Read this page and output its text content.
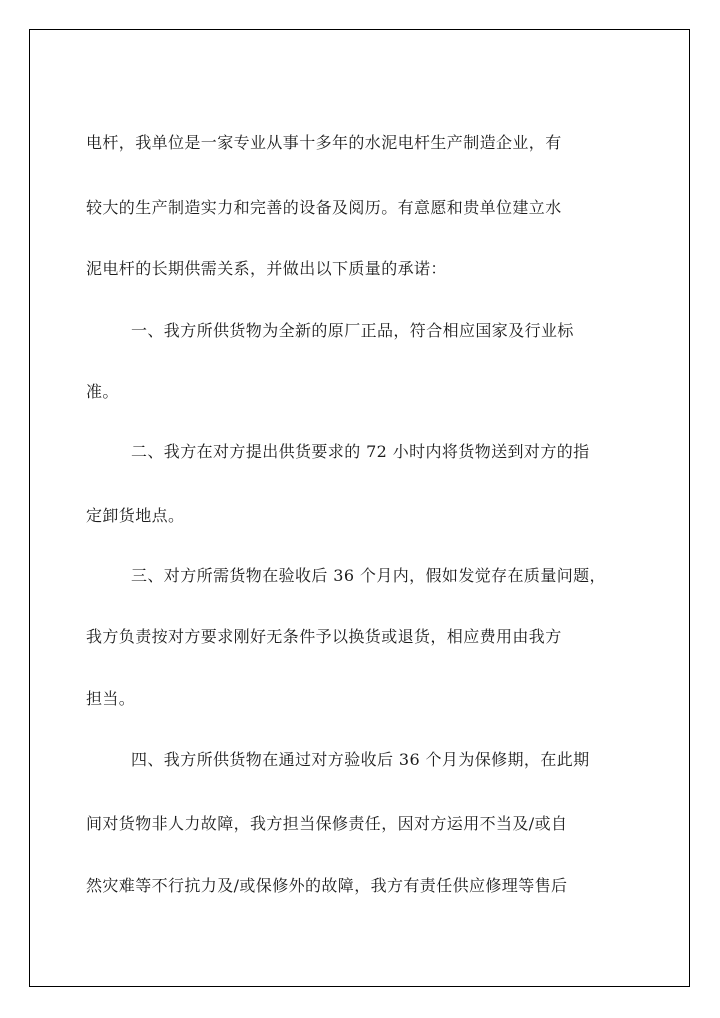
电杆，我单位是一家专业从事十多年的水泥电杆生产制造企业，有
较大的生产制造实力和完善的设备及阅历。有意愿和贵单位建立水
泥电杆的长期供需关系，并做出以下质量的承诺：
一、我方所供货物为全新的原厂正品，符合相应国家及行业标
准。
二、我方在对方提出供货要求的 72 小时内将货物送到对方的指
定卸货地点。
三、对方所需货物在验收后 36 个月内，假如发觉存在质量问题，
我方负责按对方要求刚好无条件予以换货或退货，相应费用由我方
担当。
四、我方所供货物在通过对方验收后 36 个月为保修期，在此期
间对货物非人力故障，我方担当保修责任，因对方运用不当及/或自
然灾难等不行抗力及/或保修外的故障，我方有责任供应修理等售后
